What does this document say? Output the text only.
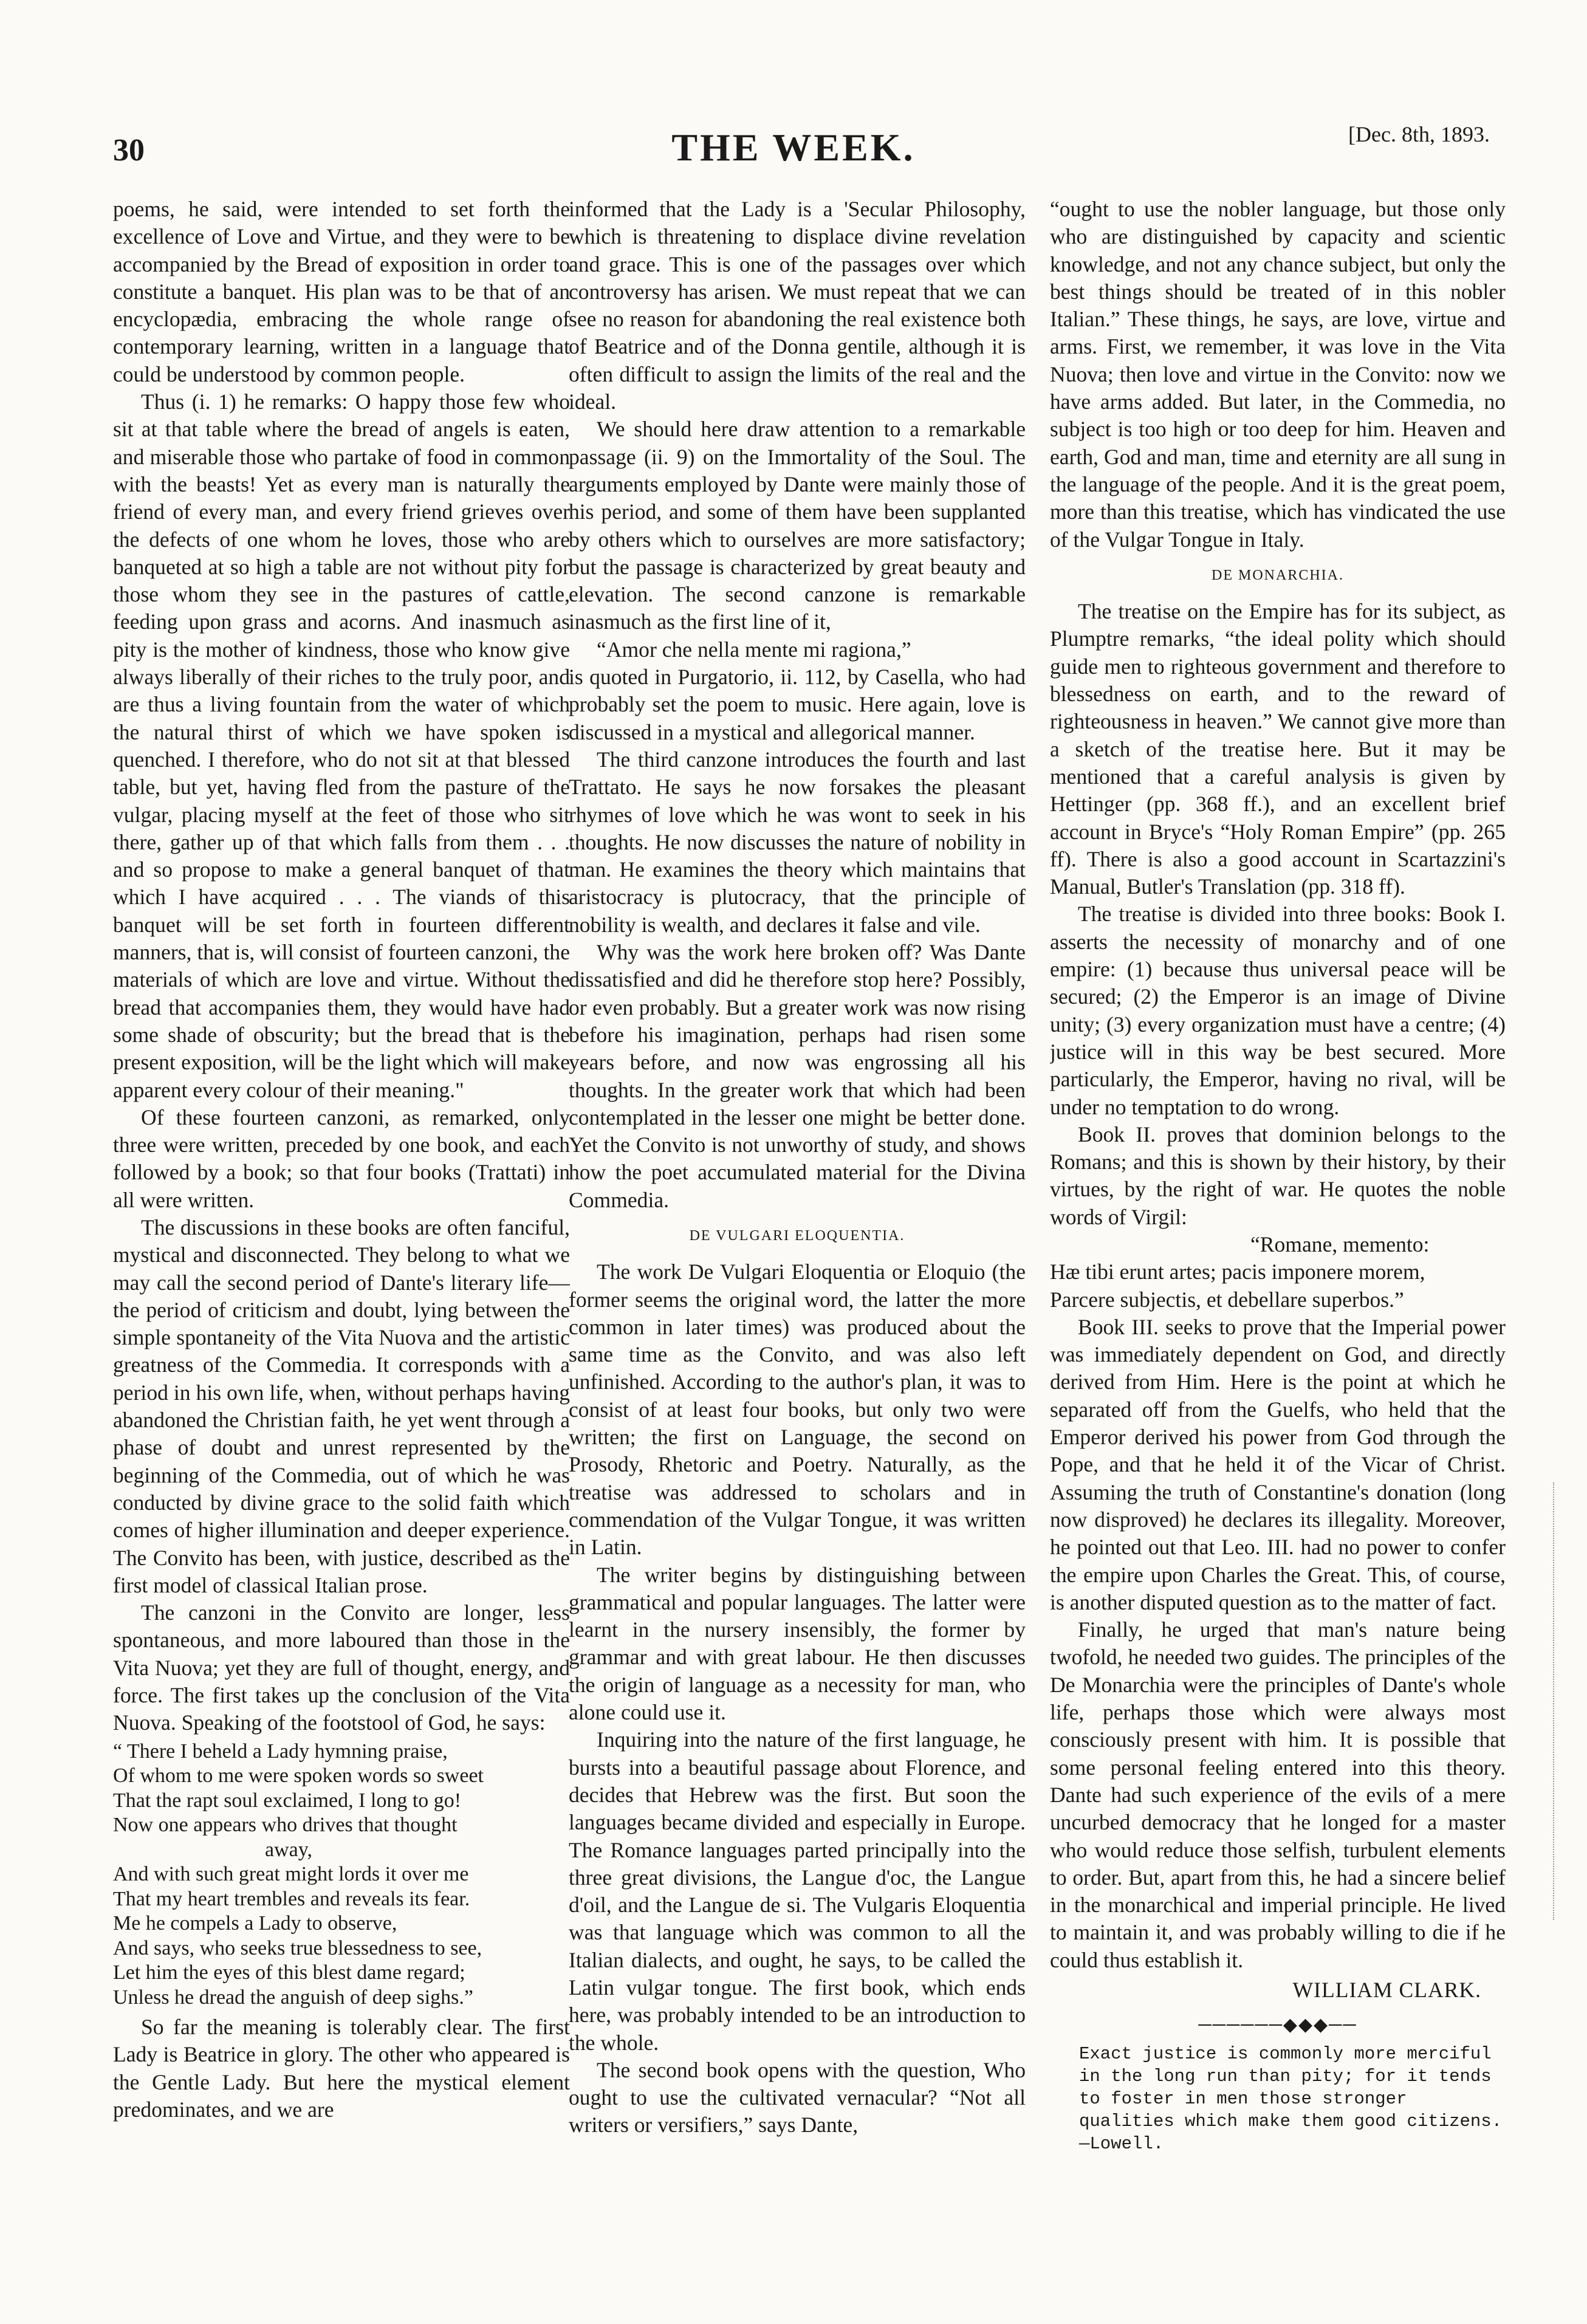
30	THE WEEK.	[Dec. 8th, 1893.

poems, he said, were intended to set forth the excellence of Love and Virtue, and they were to be accompanied by the Bread of exposition in order to constitute a banquet. His plan was to be that of an encyclopædia, embracing the whole range of contemporary learning, written in a language that could be understood by common people.

Thus (i. 1) he remarks: O happy those few who sit at that table where the bread of angels is eaten, and miserable those who partake of food in common with the beasts! Yet as every man is naturally the friend of every man, and every friend grieves over the defects of one whom he loves, those who are banqueted at so high a table are not without pity for those whom they see in the pastures of cattle, feeding upon grass and acorns. And inasmuch as pity is the mother of kindness, those who know give always liberally of their riches to the truly poor, and are thus a living fountain from the water of which the natural thirst of which we have spoken is quenched. I therefore, who do not sit at that blessed table, but yet, having fled from the pasture of the vulgar, placing myself at the feet of those who sit there, gather up of that which falls from them . . . and so propose to make a general banquet of that which I have acquired . . . The viands of this banquet will be set forth in fourteen different manners, that is, will consist of fourteen canzoni, the materials of which are love and virtue. Without the bread that accompanies them, they would have had some shade of obscurity; but the bread that is the present exposition, will be the light which will make apparent every colour of their meaning."

Of these fourteen canzoni, as remarked, only three were written, preceded by one book, and each followed by a book; so that four books (Trattati) in all were written.

The discussions in these books are often fanciful, mystical and disconnected. They belong to what we may call the second period of Dante's literary life—the period of criticism and doubt, lying between the simple spontaneity of the Vita Nuova and the artistic greatness of the Commedia. It corresponds with a period in his own life, when, without perhaps having abandoned the Christian faith, he yet went through a phase of doubt and unrest represented by the beginning of the Commedia, out of which he was conducted by divine grace to the solid faith which comes of higher illumination and deeper experience. The Convito has been, with justice, described as the first model of classical Italian prose.

The canzoni in the Convito are longer, less spontaneous, and more laboured than those in the Vita Nuova; yet they are full of thought, energy, and force. The first takes up the conclusion of the Vita Nuova. Speaking of the footstool of God, he says:

“ There I beheld a Lady hymning praise,

Of whom to me were spoken words so sweet

That the rapt soul exclaimed, I long to go!

Now one appears who drives that thought

away,

And with such great might lords it over me

That my heart trembles and reveals its fear.

Me he compels a Lady to observe,

And says, who seeks true blessedness to see,

Let him the eyes of this blest dame regard;

Unless he dread the anguish of deep sighs.”

So far the meaning is tolerably clear. The first Lady is Beatrice in glory. The other who appeared is the Gentle Lady. But here the mystical element predominates, and we are

informed that the Lady is a 'Secular Philosophy, which is threatening to displace divine revelation and grace. This is one of the passages over which controversy has arisen. We must repeat that we can see no reason for abandoning the real existence both of Beatrice and of the Donna gentile, although it is often difficult to assign the limits of the real and the ideal.

We should here draw attention to a remarkable passage (ii. 9) on the Immortality of the Soul. The arguments employed by Dante were mainly those of his period, and some of them have been supplanted by others which to ourselves are more satisfactory; but the passage is characterized by great beauty and elevation. The second canzone is remarkable inasmuch as the first line of it,

“Amor che nella mente mi ragiona,”

is quoted in Purgatorio, ii. 112, by Casella, who had probably set the poem to music. Here again, love is discussed in a mystical and allegorical manner.

The third canzone introduces the fourth and last Trattato. He says he now forsakes the pleasant rhymes of love which he was wont to seek in his thoughts. He now discusses the nature of nobility in man. He examines the theory which maintains that aristocracy is plutocracy, that the principle of nobility is wealth, and declares it false and vile.

Why was the work here broken off? Was Dante dissatisfied and did he therefore stop here? Possibly, or even probably. But a greater work was now rising before his imagination, perhaps had risen some years before, and now was engrossing all his thoughts. In the greater work that which had been contemplated in the lesser one might be better done. Yet the Convito is not unworthy of study, and shows how the poet accumulated material for the Divina Commedia.

DE VULGARI ELOQUENTIA.

The work De Vulgari Eloquentia or Eloquio (the former seems the original word, the latter the more common in later times) was produced about the same time as the Convito, and was also left unfinished. According to the author's plan, it was to consist of at least four books, but only two were written; the first on Language, the second on Prosody, Rhetoric and Poetry. Naturally, as the treatise was addressed to scholars and in commendation of the Vulgar Tongue, it was written in Latin.

The writer begins by distinguishing between grammatical and popular languages. The latter were learnt in the nursery insensibly, the former by grammar and with great labour. He then discusses the origin of language as a necessity for man, who alone could use it.

Inquiring into the nature of the first language, he bursts into a beautiful passage about Florence, and decides that Hebrew was the first. But soon the languages became divided and especially in Europe. The Romance languages parted principally into the three great divisions, the Langue d'oc, the Langue d'oil, and the Langue de si. The Vulgaris Eloquentia was that language which was common to all the Italian dialects, and ought, he says, to be called the Latin vulgar tongue. The first book, which ends here, was probably intended to be an introduction to the whole.

The second book opens with the question, Who ought to use the cultivated vernacular? “Not all writers or versifiers,” says Dante,

“ought to use the nobler language, but those only who are distinguished by capacity and scientic knowledge, and not any chance subject, but only the best things should be treated of in this nobler Italian.” These things, he says, are love, virtue and arms. First, we remember, it was love in the Vita Nuova; then love and virtue in the Convito: now we have arms added. But later, in the Commedia, no subject is too high or too deep for him. Heaven and earth, God and man, time and eternity are all sung in the language of the people. And it is the great poem, more than this treatise, which has vindicated the use of the Vulgar Tongue in Italy.

DE MONARCHIA.

The treatise on the Empire has for its subject, as Plumptre remarks, “the ideal polity which should guide men to righteous government and therefore to blessedness on earth, and to the reward of righteousness in heaven.” We cannot give more than a sketch of the treatise here. But it may be mentioned that a careful analysis is given by Hettinger (pp. 368 ff.), and an excellent brief account in Bryce's “Holy Roman Empire” (pp. 265 ff). There is also a good account in Scartazzini's Manual, Butler's Translation (pp. 318 ff).

The treatise is divided into three books: Book I. asserts the necessity of monarchy and of one empire: (1) because thus universal peace will be secured; (2) the Emperor is an image of Divine unity; (3) every organization must have a centre; (4) justice will in this way be best secured. More particularly, the Emperor, having no rival, will be under no temptation to do wrong.

Book II. proves that dominion belongs to the Romans; and this is shown by their history, by their virtues, by the right of war. He quotes the noble words of Virgil:

“Romane, memento:

Hæ tibi erunt artes; pacis imponere morem,

Parcere subjectis, et debellare superbos.”

Book III. seeks to prove that the Imperial power was immediately dependent on God, and directly derived from Him. Here is the point at which he separated off from the Guelfs, who held that the Emperor derived his power from God through the Pope, and that he held it of the Vicar of Christ. Assuming the truth of Constantine's donation (long now disproved) he declares its illegality. Moreover, he pointed out that Leo. III. had no power to confer the empire upon Charles the Great. This, of course, is another disputed question as to the matter of fact.

Finally, he urged that man's nature being twofold, he needed two guides. The principles of the De Monarchia were the principles of Dante's whole life, perhaps those which were always most consciously present with him. It is possible that some personal feeling entered into this theory. Dante had such experience of the evils of a mere uncurbed democracy that he longed for a master who would reduce those selfish, turbulent elements to order. But, apart from this, he had a sincere belief in the monarchical and imperial principle. He lived to maintain it, and was probably willing to die if he could thus establish it.

WILLIAM CLARK.
──────◆◆◆──

Exact justice is commonly more merciful in the long run than pity; for it tends to foster in men those stronger qualities which make them good citizens.

—Lowell.
